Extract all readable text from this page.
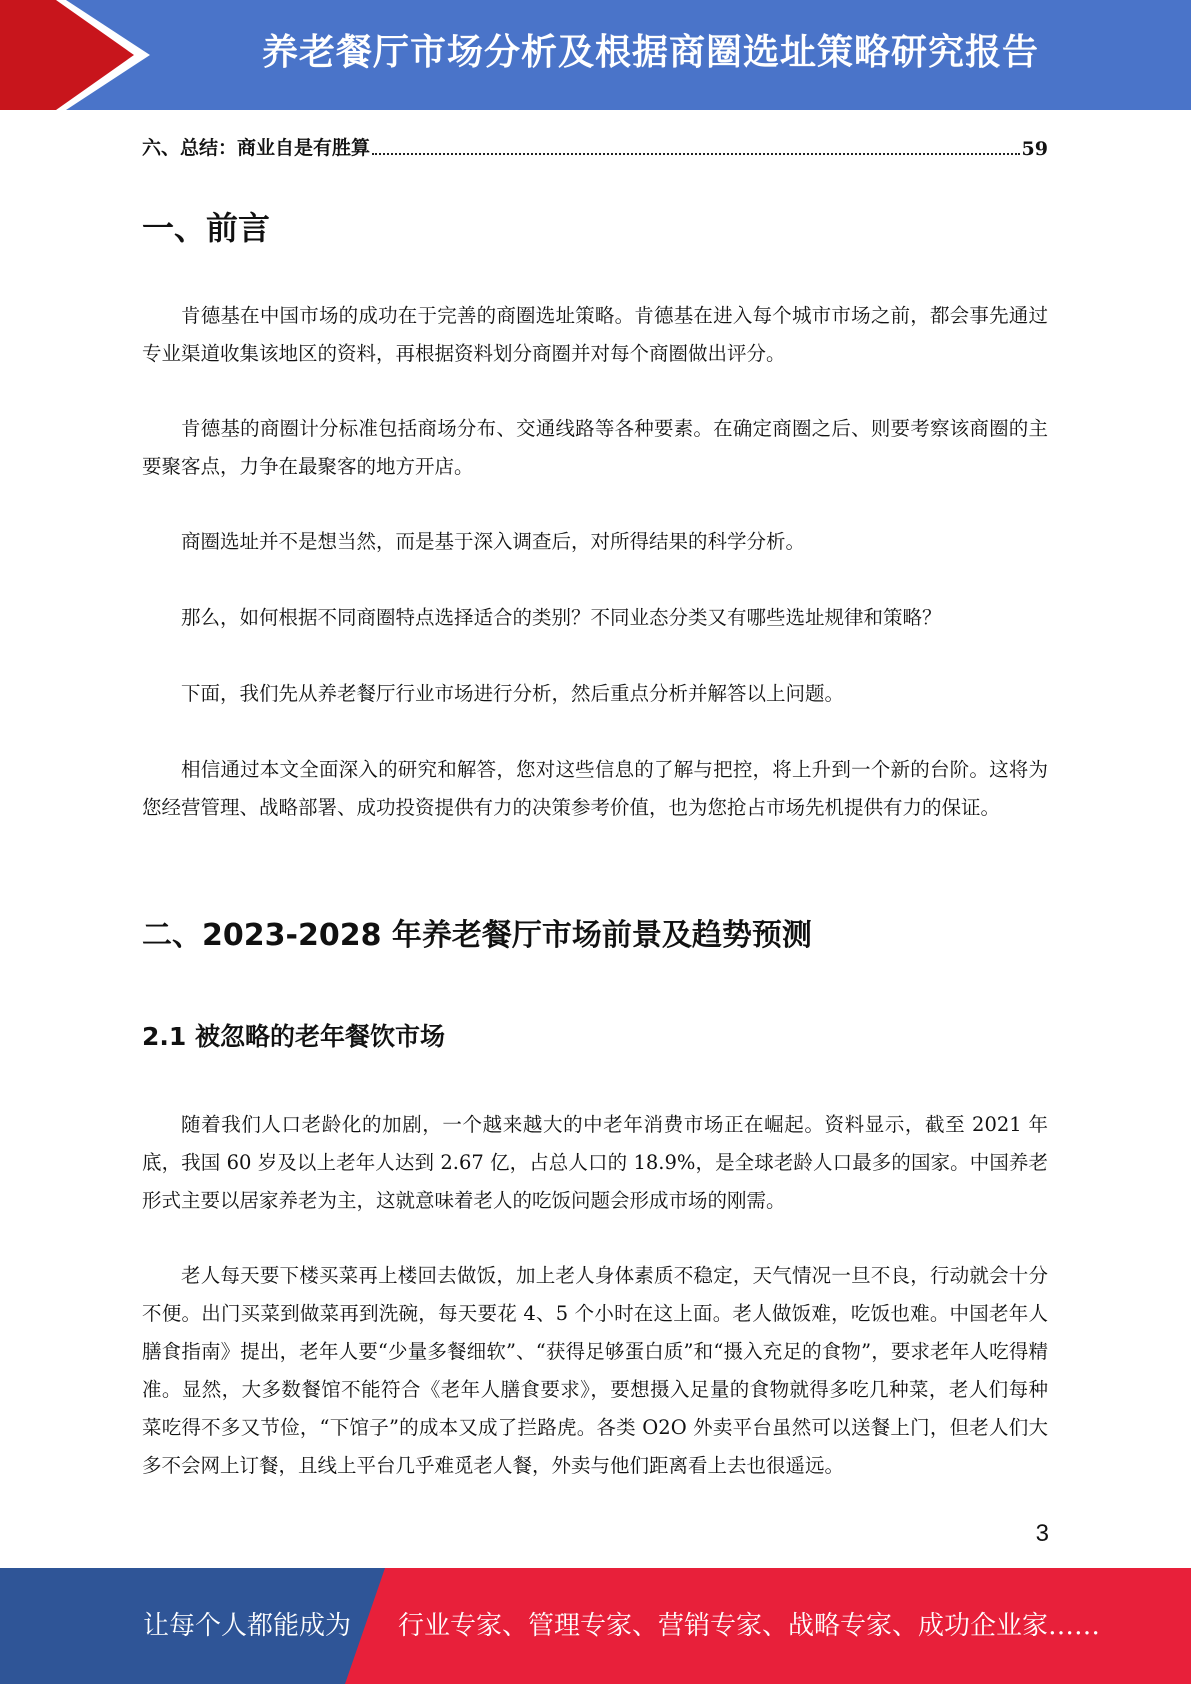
养老餐厅市场分析及根据商圈选址策略研究报告
六、总结：商业自是有胜算	59
一、前言

肯德基在中国市场的成功在于完善的商圈选址策略。肯德基在进入每个城市市场之前，都会事先通过专业渠道收集该地区的资料，再根据资料划分商圈并对每个商圈做出评分。

肯德基的商圈计分标准包括商场分布、交通线路等各种要素。在确定商圈之后、则要考察该商圈的主要聚客点，力争在最聚客的地方开店。

商圈选址并不是想当然，而是基于深入调查后，对所得结果的科学分析。

那么，如何根据不同商圈特点选择适合的类别？不同业态分类又有哪些选址规律和策略？

下面，我们先从养老餐厅行业市场进行分析，然后重点分析并解答以上问题。

相信通过本文全面深入的研究和解答，您对这些信息的了解与把控，将上升到一个新的台阶。这将为您经营管理、战略部署、成功投资提供有力的决策参考价值，也为您抢占市场先机提供有力的保证。

二、2023-2028 年养老餐厅市场前景及趋势预测
2.1 被忽略的老年餐饮市场

随着我们人口老龄化的加剧，一个越来越大的中老年消费市场正在崛起。资料显示，截至 2021 年底，我国 60 岁及以上老年人达到 2.67 亿，占总人口的 18.9%，是全球老龄人口最多的国家。中国养老形式主要以居家养老为主，这就意味着老人的吃饭问题会形成市场的刚需。

老人每天要下楼买菜再上楼回去做饭，加上老人身体素质不稳定，天气情况一旦不良，行动就会十分不便。出门买菜到做菜再到洗碗，每天要花 4、5 个小时在这上面。老人做饭难，吃饭也难。中国老年人膳食指南》提出，老年人要“少量多餐细软”、“获得足够蛋白质”和“摄入充足的食物”，要求老年人吃得精准。显然，大多数餐馆不能符合《老年人膳食要求》，要想摄入足量的食物就得多吃几种菜，老人们每种菜吃得不多又节俭，“下馆子”的成本又成了拦路虎。各类 O2O 外卖平台虽然可以送餐上门，但老人们大多不会网上订餐，且线上平台几乎难觅老人餐，外卖与他们距离看上去也很遥远。

3
让每个人都能成为 行业专家、管理专家、营销专家、战略专家、成功企业家……
